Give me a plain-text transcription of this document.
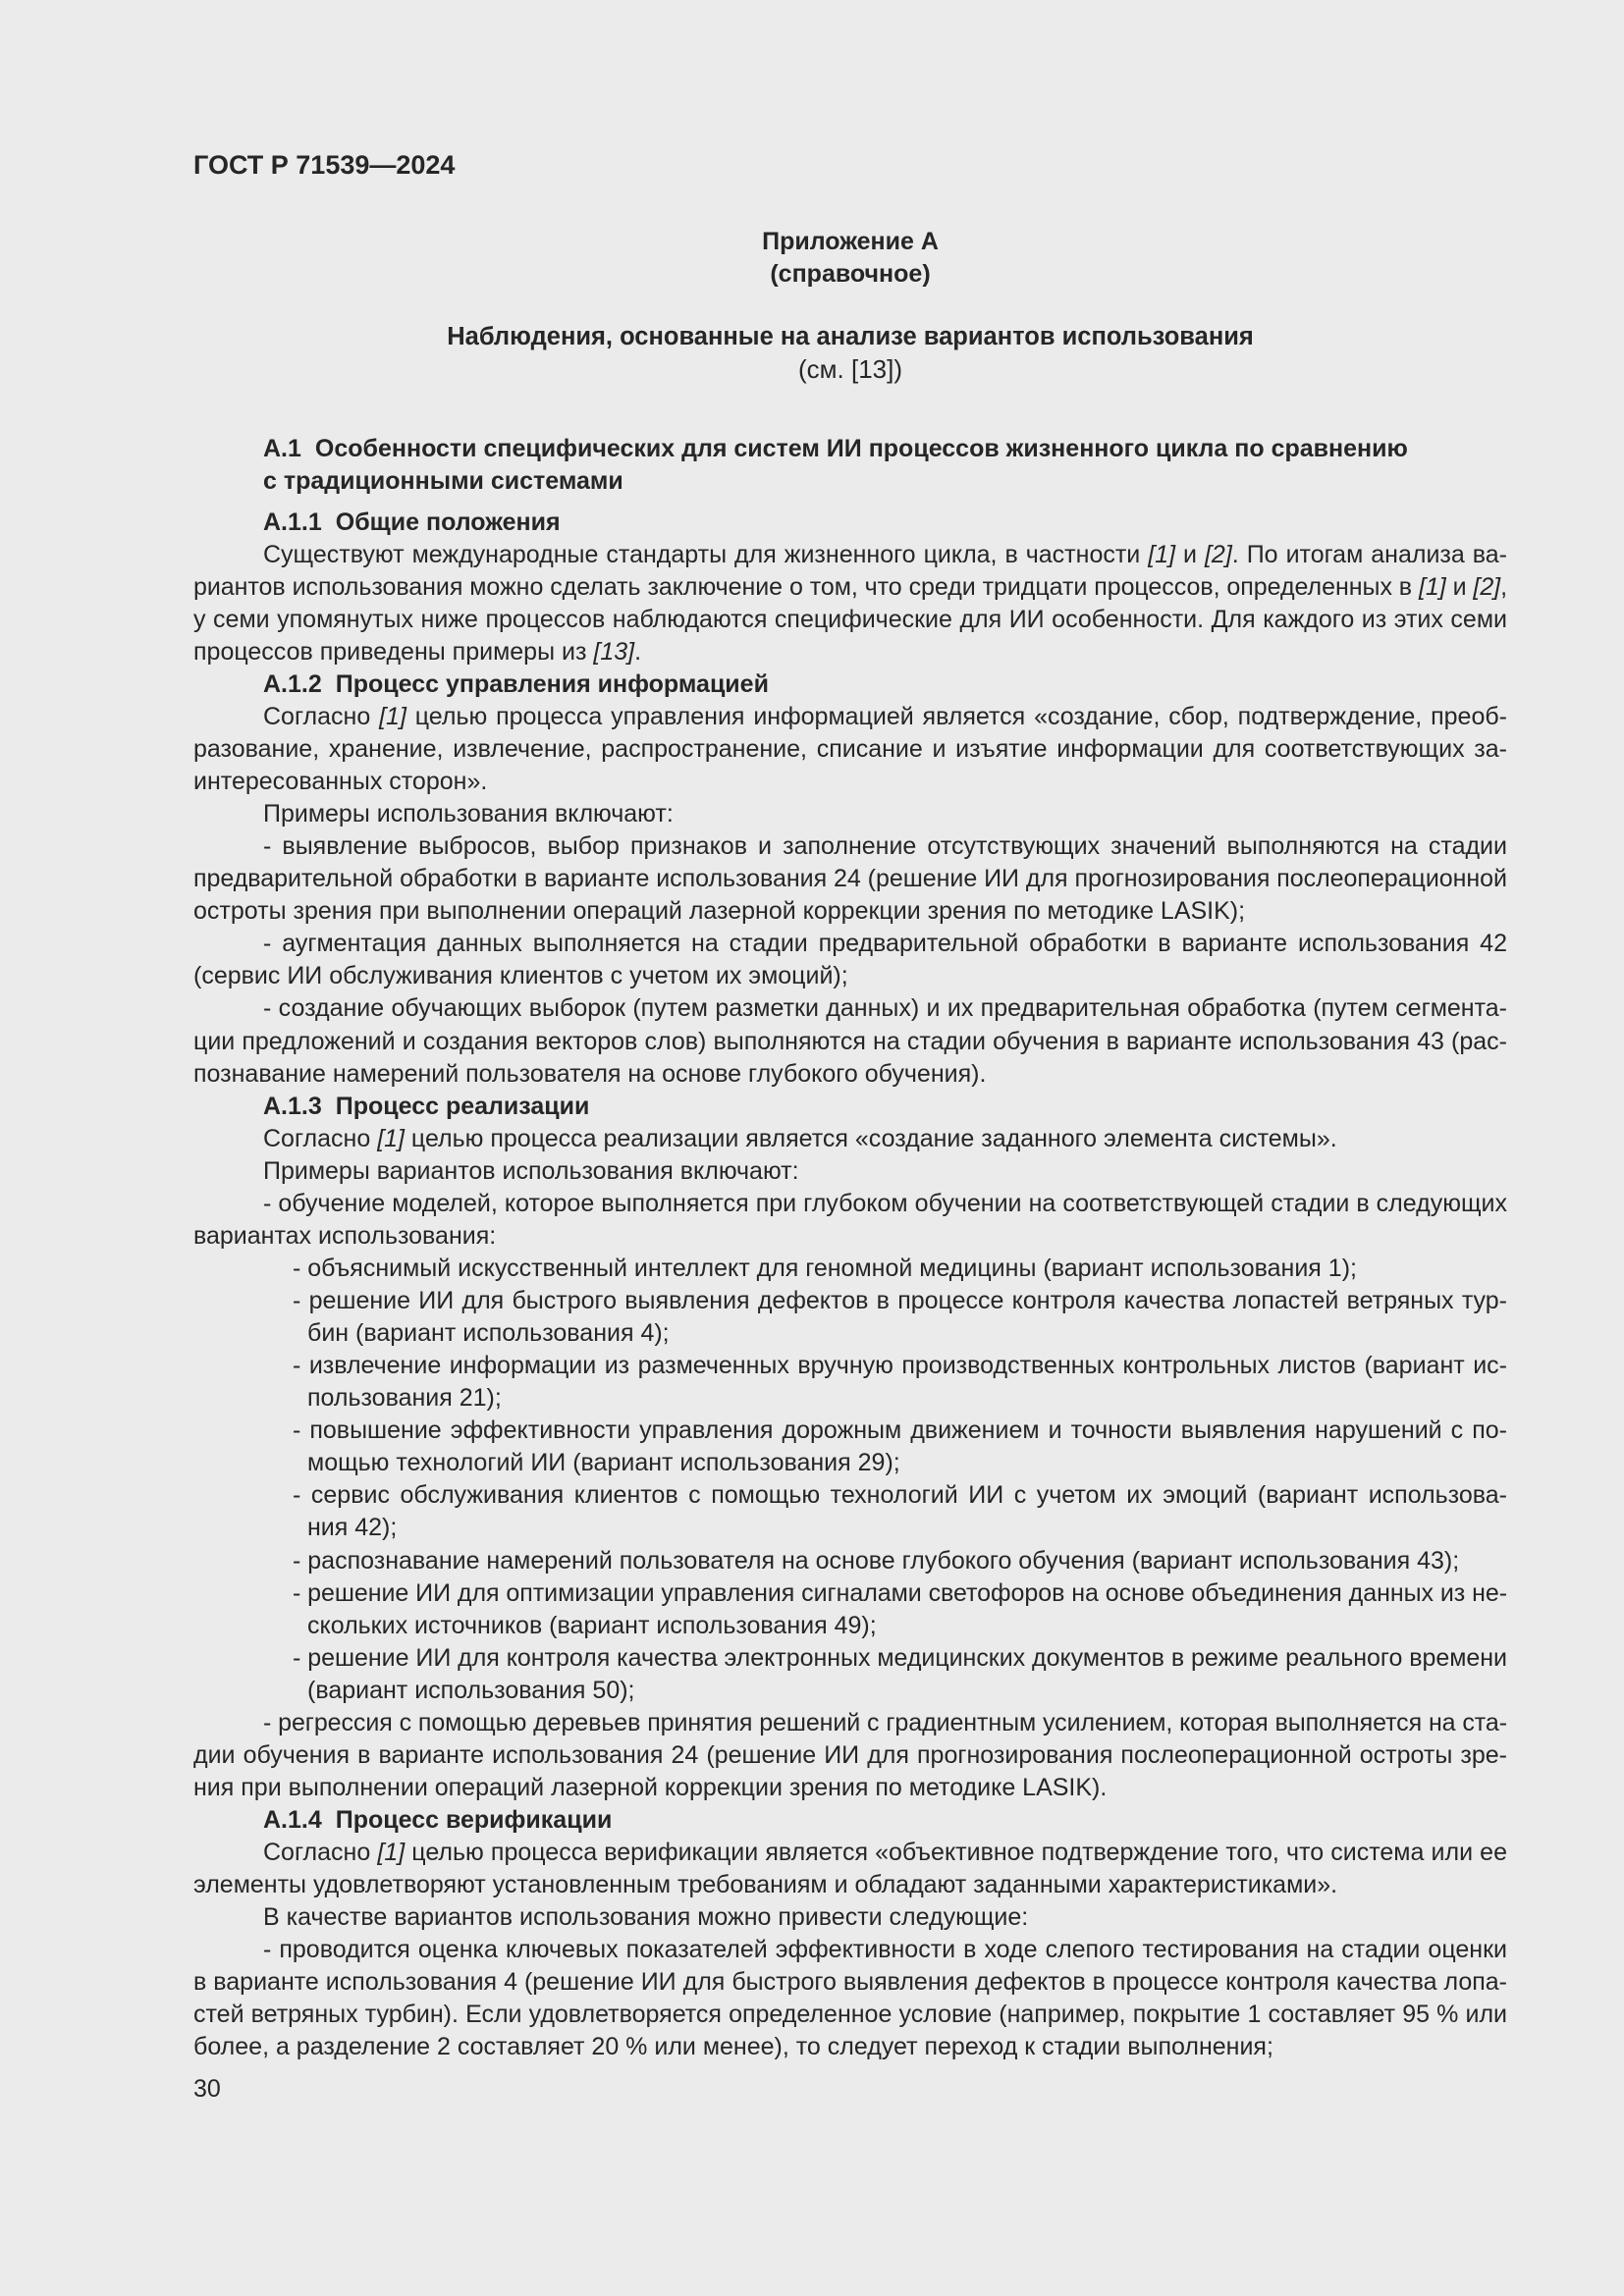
ГОСТ Р 71539—2024
Приложение А
(справочное)
Наблюдения, основанные на анализе вариантов использования
(см. [13])
А.1 Особенности специфических для систем ИИ процессов жизненного цикла по сравнению
с традиционными системами
А.1.1 Общие положения
Существуют международные стандарты для жизненного цикла, в частности [1] и [2]. По итогам анализа ва-
риантов использования можно сделать заключение о том, что среди тридцати процессов, определенных в [1] и [2],
у семи упомянутых ниже процессов наблюдаются специфические для ИИ особенности. Для каждого из этих семи
процессов приведены примеры из [13].
А.1.2 Процесс управления информацией
Согласно [1] целью процесса управления информацией является «создание, сбор, подтверждение, преоб-
разование, хранение, извлечение, распространение, списание и изъятие информации для соответствующих за-
интересованных сторон».
Примеры использования включают:
- выявление выбросов, выбор признаков и заполнение отсутствующих значений выполняются на стадии
предварительной обработки в варианте использования 24 (решение ИИ для прогнозирования послеоперационной
остроты зрения при выполнении операций лазерной коррекции зрения по методике LASIK);
- аугментация данных выполняется на стадии предварительной обработки в варианте использования 42
(сервис ИИ обслуживания клиентов с учетом их эмоций);
- создание обучающих выборок (путем разметки данных) и их предварительная обработка (путем сегмента-
ции предложений и создания векторов слов) выполняются на стадии обучения в варианте использования 43 (рас-
познавание намерений пользователя на основе глубокого обучения).
А.1.3 Процесс реализации
Согласно [1] целью процесса реализации является «создание заданного элемента системы».
Примеры вариантов использования включают:
- обучение моделей, которое выполняется при глубоком обучении на соответствующей стадии в следующих
вариантах использования:
- объяснимый искусственный интеллект для геномной медицины (вариант использования 1);
- решение ИИ для быстрого выявления дефектов в процессе контроля качества лопастей ветряных тур-
бин (вариант использования 4);
- извлечение информации из размеченных вручную производственных контрольных листов (вариант ис-
пользования 21);
- повышение эффективности управления дорожным движением и точности выявления нарушений с по-
мощью технологий ИИ (вариант использования 29);
- сервис обслуживания клиентов с помощью технологий ИИ с учетом их эмоций (вариант использова-
ния 42);
- распознавание намерений пользователя на основе глубокого обучения (вариант использования 43);
- решение ИИ для оптимизации управления сигналами светофоров на основе объединения данных из не-
скольких источников (вариант использования 49);
- решение ИИ для контроля качества электронных медицинских документов в режиме реального времени
(вариант использования 50);
- регрессия с помощью деревьев принятия решений с градиентным усилением, которая выполняется на ста-
дии обучения в варианте использования 24 (решение ИИ для прогнозирования послеоперационной остроты зре-
ния при выполнении операций лазерной коррекции зрения по методике LASIK).
А.1.4 Процесс верификации
Согласно [1] целью процесса верификации является «объективное подтверждение того, что система или ее
элементы удовлетворяют установленным требованиям и обладают заданными характеристиками».
В качестве вариантов использования можно привести следующие:
- проводится оценка ключевых показателей эффективности в ходе слепого тестирования на стадии оценки
в варианте использования 4 (решение ИИ для быстрого выявления дефектов в процессе контроля качества лопа-
стей ветряных турбин). Если удовлетворяется определенное условие (например, покрытие 1 составляет 95 % или
более, а разделение 2 составляет 20 % или менее), то следует переход к стадии выполнения;
30
